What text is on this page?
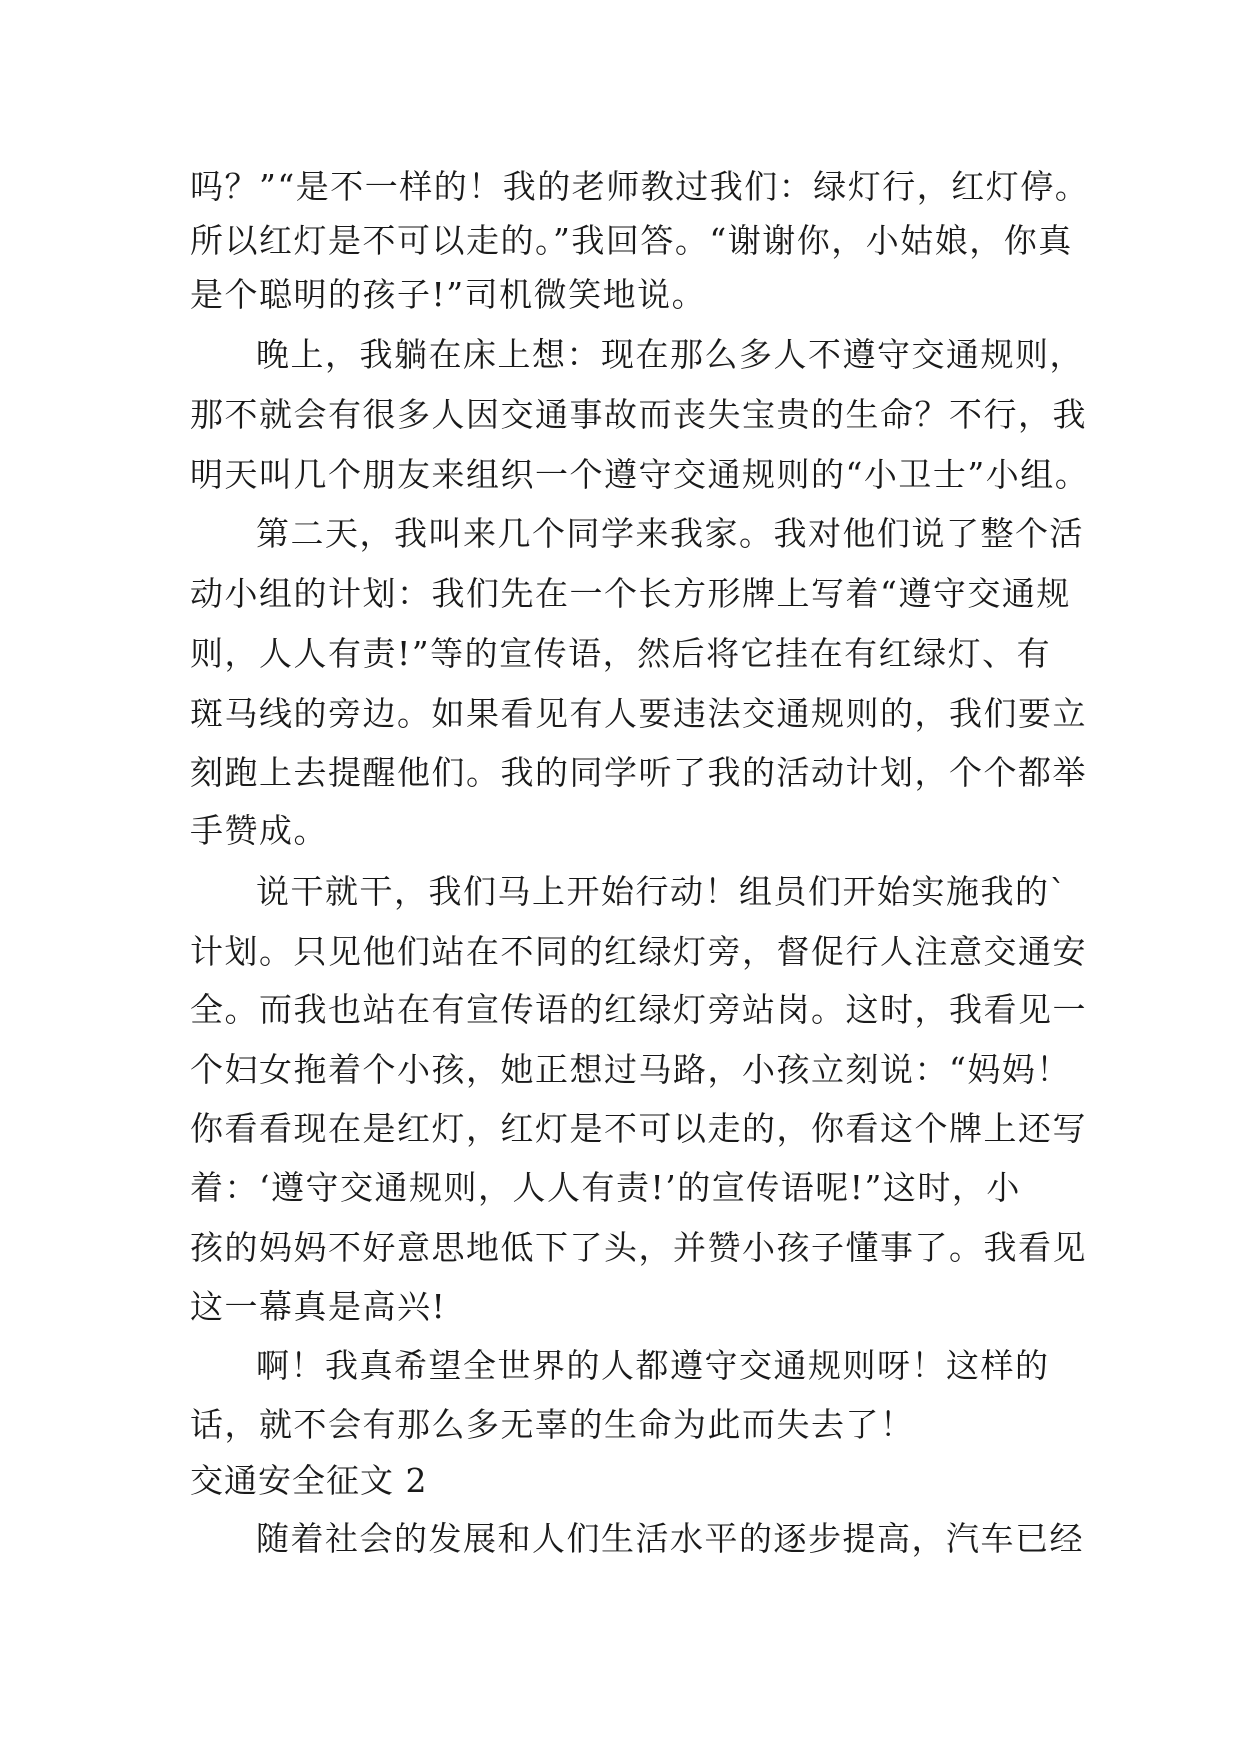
吗？”“是不一样的！我的老师教过我们：绿灯行，红灯停。
所以红灯是不可以走的。”我回答。“谢谢你，小姑娘，你真
是个聪明的孩子!”司机微笑地说。
晚上，我躺在床上想：现在那么多人不遵守交通规则，
那不就会有很多人因交通事故而丧失宝贵的生命？不行，我
明天叫几个朋友来组织一个遵守交通规则的“小卫士”小组。
第二天，我叫来几个同学来我家。我对他们说了整个活
动小组的计划：我们先在一个长方形牌上写着“遵守交通规
则，人人有责!”等的宣传语，然后将它挂在有红绿灯、有
斑马线的旁边。如果看见有人要违法交通规则的，我们要立
刻跑上去提醒他们。我的同学听了我的活动计划，个个都举
手赞成。
说干就干，我们马上开始行动！组员们开始实施我的`
计划。只见他们站在不同的红绿灯旁，督促行人注意交通安
全。而我也站在有宣传语的红绿灯旁站岗。这时，我看见一
个妇女拖着个小孩，她正想过马路，小孩立刻说：“妈妈！
你看看现在是红灯，红灯是不可以走的，你看这个牌上还写
着：‘遵守交通规则，人人有责!’的宣传语呢!”这时，小
孩的妈妈不好意思地低下了头，并赞小孩子懂事了。我看见
这一幕真是高兴!
啊！我真希望全世界的人都遵守交通规则呀！这样的
话，就不会有那么多无辜的生命为此而失去了！
交通安全征文 2
随着社会的发展和人们生活水平的逐步提高，汽车已经
